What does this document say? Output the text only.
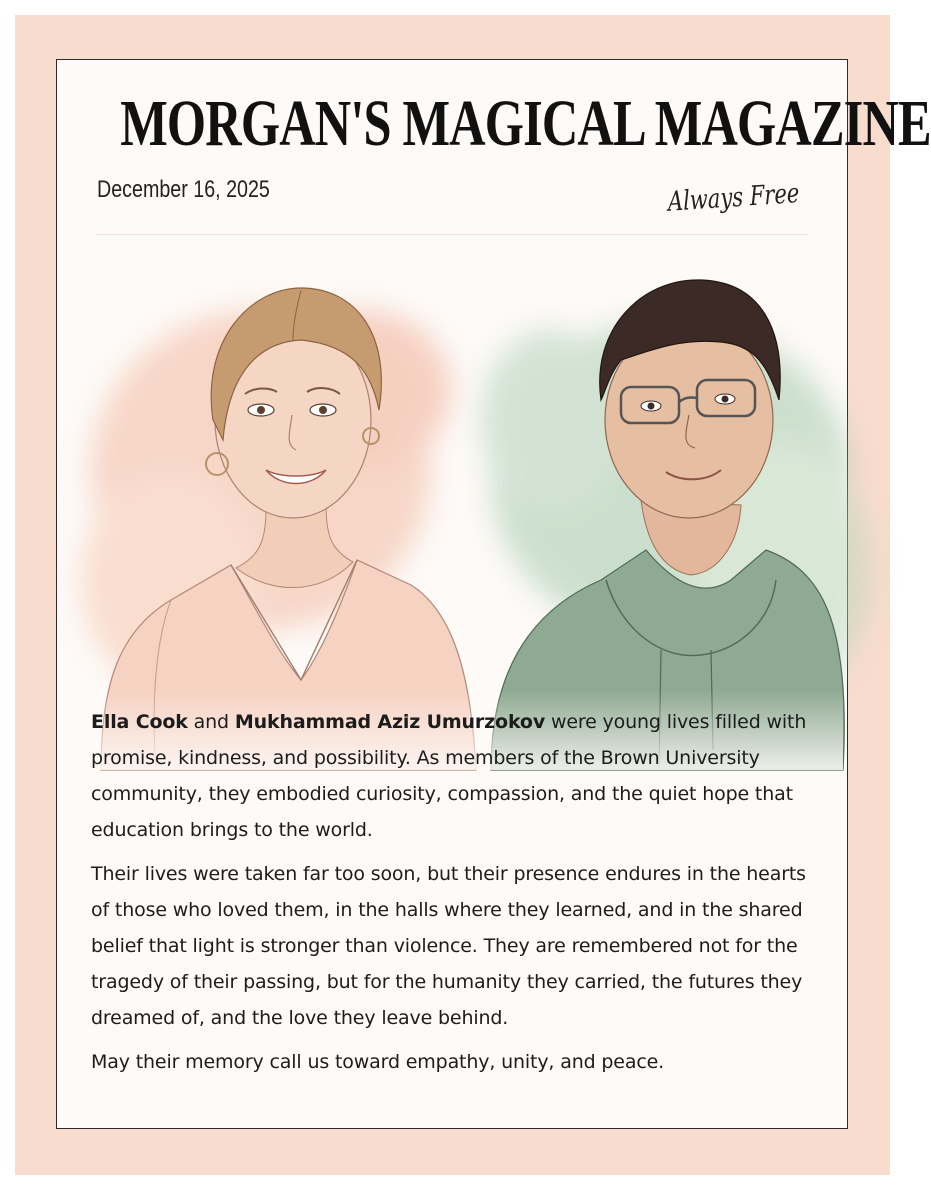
MORGAN'S MAGICAL MAGAZINE
December 16, 2025	Always Free

Ella Cook and Mukhammad Aziz Umurzokov were young lives filled with promise, kindness, and possibility. As members of the Brown University community, they embodied curiosity, compassion, and the quiet hope that education brings to the world.

Their lives were taken far too soon, but their presence endures in the hearts of those who loved them, in the halls where they learned, and in the shared belief that light is stronger than violence. They are remembered not for the tragedy of their passing, but for the humanity they carried, the futures they dreamed of, and the love they leave behind.

May their memory call us toward empathy, unity, and peace.
